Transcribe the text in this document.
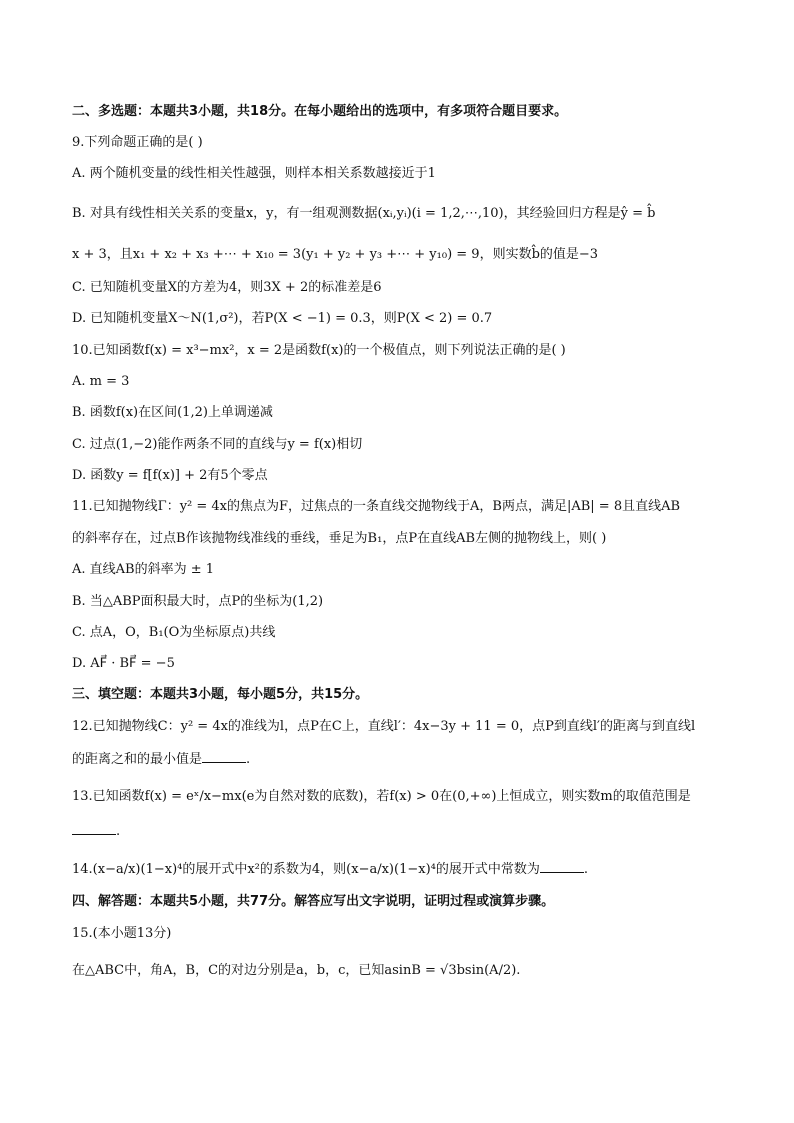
二、多选题：本题共3小题，共18分。在每小题给出的选项中，有多项符合题目要求。
9.下列命题正确的是( )
A. 两个随机变量的线性相关性越强，则样本相关系数越接近于1
B. 对具有线性相关关系的变量x，y，有一组观测数据(xᵢ,yᵢ)(i = 1,2,⋯,10)，其经验回归方程是ŷ = b̂
x + 3，且x₁ + x₂ + x₃ +⋯ + x₁₀ = 3(y₁ + y₂ + y₃ +⋯ + y₁₀) = 9，则实数b̂的值是−3
C. 已知随机变量X的方差为4，则3X + 2的标准差是6
D. 已知随机变量X～N(1,σ²)，若P(X < −1) = 0.3，则P(X < 2) = 0.7
10.已知函数f(x) = x³−mx²，x = 2是函数f(x)的一个极值点，则下列说法正确的是( )
A. m = 3
B. 函数f(x)在区间(1,2)上单调递减
C. 过点(1,−2)能作两条不同的直线与y = f(x)相切
D. 函数y = f[f(x)] + 2有5个零点
11.已知抛物线Γ：y² = 4x的焦点为F，过焦点的一条直线交抛物线于A，B两点，满足|AB| = 8且直线AB
的斜率存在，过点B作该抛物线准线的垂线，垂足为B₁，点P在直线AB左侧的抛物线上，则( )
A. 直线AB的斜率为 ± 1
B. 当△ABP面积最大时，点P的坐标为(1,2)
C. 点A，O，B₁(O为坐标原点)共线
D. AF⃗ · BF⃗ = −5
三、填空题：本题共3小题，每小题5分，共15分。
12.已知抛物线C：y² = 4x的准线为l，点P在C上，直线l′：4x−3y + 11 = 0，点P到直线l′的距离与到直线l
的距离之和的最小值是	.
13.已知函数f(x) = eˣ/x−mx(e为自然对数的底数)，若f(x) > 0在(0,+∞)上恒成立，则实数m的取值范围是
.
14.(x−a/x)(1−x)⁴的展开式中x²的系数为4，则(x−a/x)(1−x)⁴的展开式中常数为	.
四、解答题：本题共5小题，共77分。解答应写出文字说明，证明过程或演算步骤。
15.(本小题13分)
在△ABC中，角A，B，C的对边分别是a，b，c，已知asinB = √3bsin(A/2).
